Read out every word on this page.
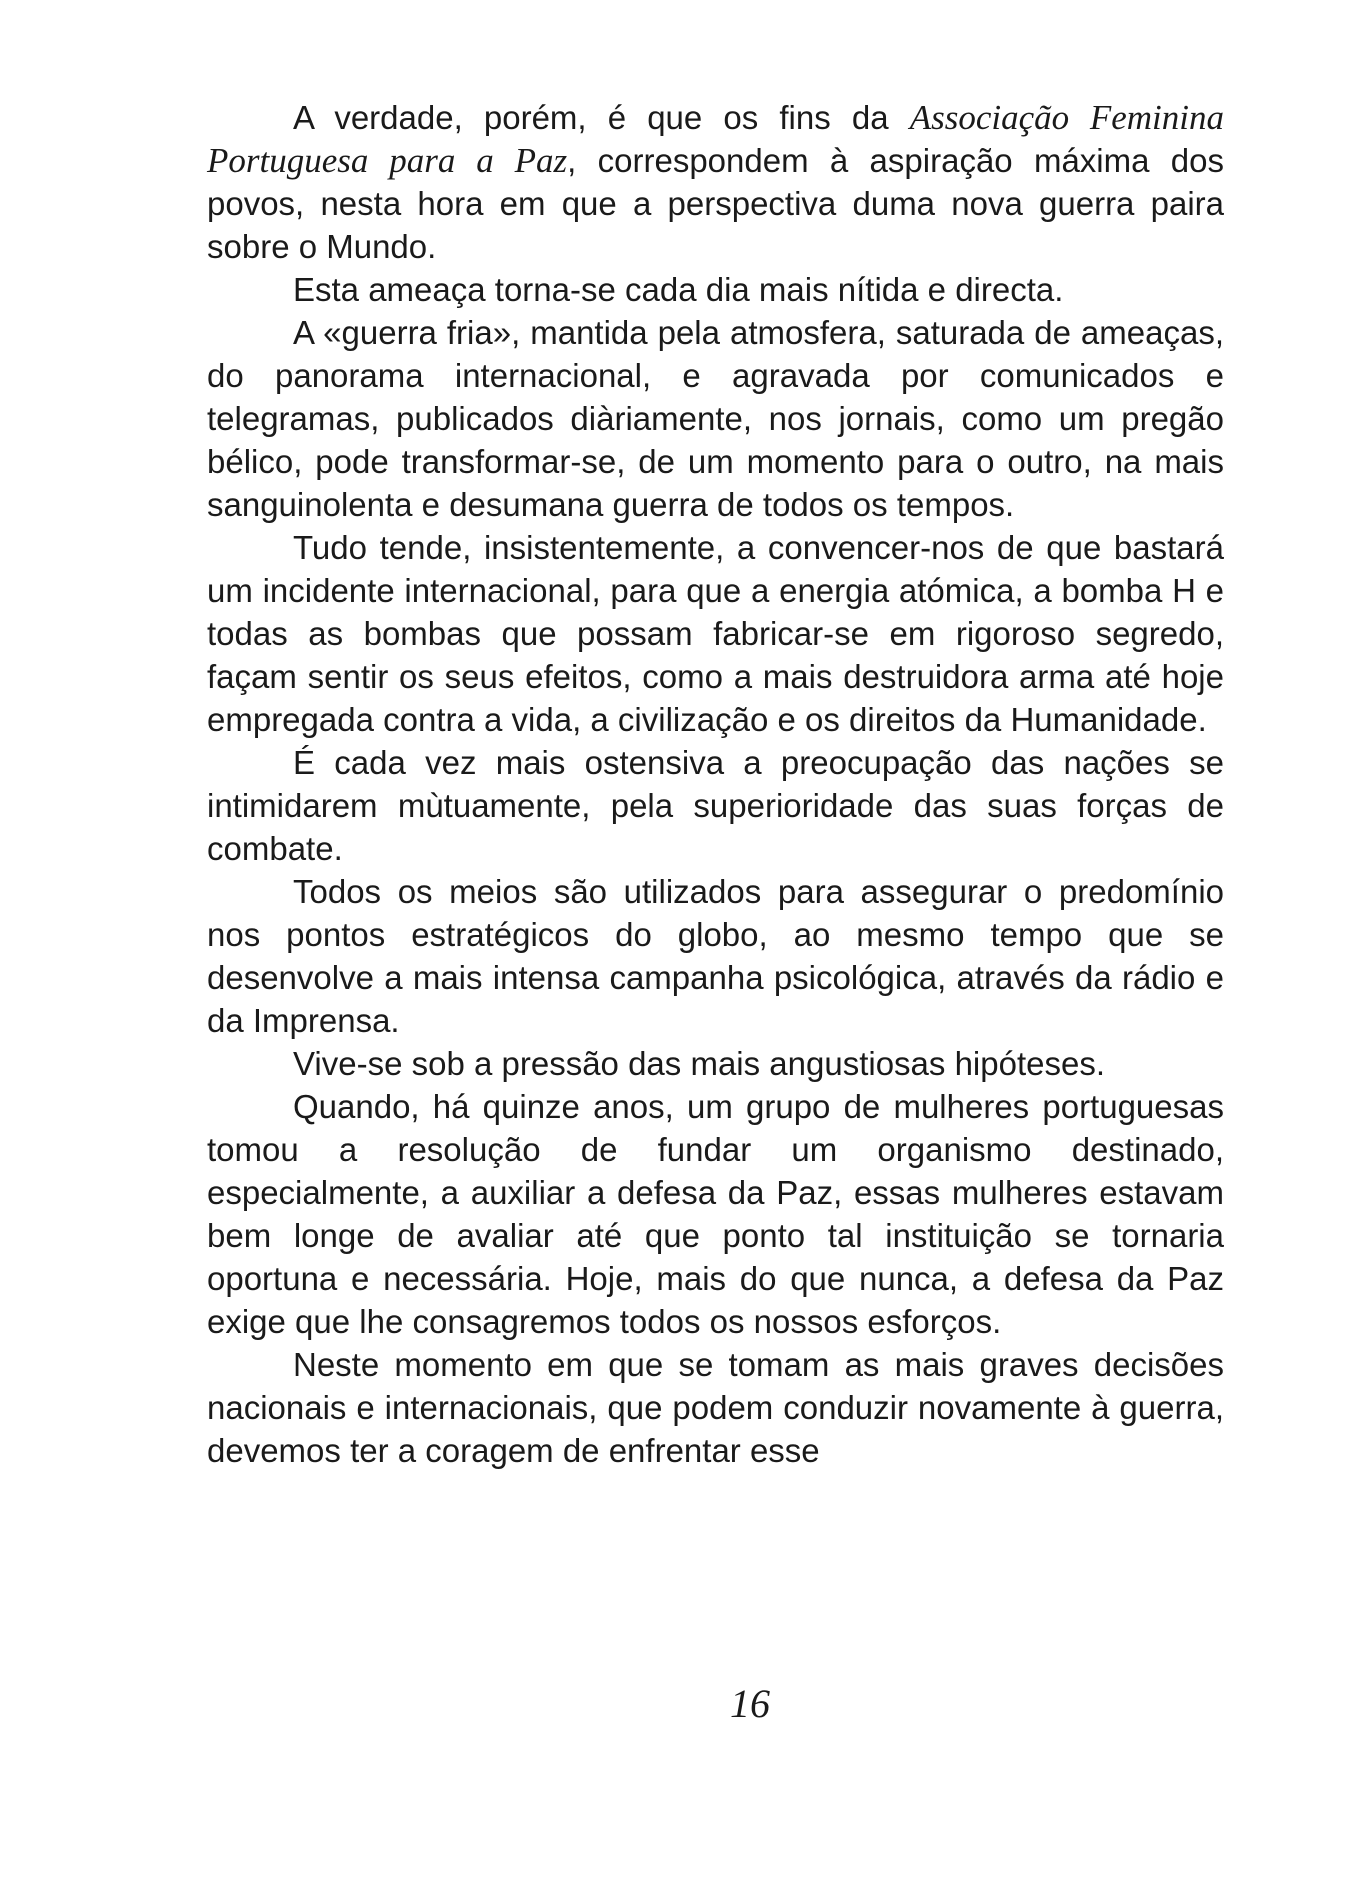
A verdade, porém, é que os fins da Associação Feminina Portuguesa para a Paz, correspondem à aspiração máxima dos povos, nesta hora em que a perspectiva duma nova guerra paira sobre o Mundo.

Esta ameaça torna-se cada dia mais nítida e directa.

A «guerra fria», mantida pela atmosfera, saturada de ameaças, do panorama internacional, e agravada por comunicados e telegramas, publicados diàriamente, nos jornais, como um pregão bélico, pode transformar-se, de um momento para o outro, na mais sanguinolenta e desumana guerra de todos os tempos.

Tudo tende, insistentemente, a convencer-nos de que bastará um incidente internacional, para que a energia atómica, a bomba H e todas as bombas que possam fabricar-se em rigoroso segredo, façam sentir os seus efeitos, como a mais destruidora arma até hoje empregada contra a vida, a civilização e os direitos da Humanidade.

É cada vez mais ostensiva a preocupação das nações se intimidarem mùtuamente, pela superioridade das suas forças de combate.

Todos os meios são utilizados para assegurar o predomínio nos pontos estratégicos do globo, ao mesmo tempo que se desenvolve a mais intensa campanha psicológica, através da rádio e da Imprensa.

Vive-se sob a pressão das mais angustiosas hipóteses.

Quando, há quinze anos, um grupo de mulheres portuguesas tomou a resolução de fundar um organismo destinado, especialmente, a auxiliar a defesa da Paz, essas mulheres estavam bem longe de avaliar até que ponto tal instituição se tornaria oportuna e necessária. Hoje, mais do que nunca, a defesa da Paz exige que lhe consagremos todos os nossos esforços.

Neste momento em que se tomam as mais graves decisões nacionais e internacionais, que podem conduzir novamente à guerra, devemos ter a coragem de enfrentar esse

16
